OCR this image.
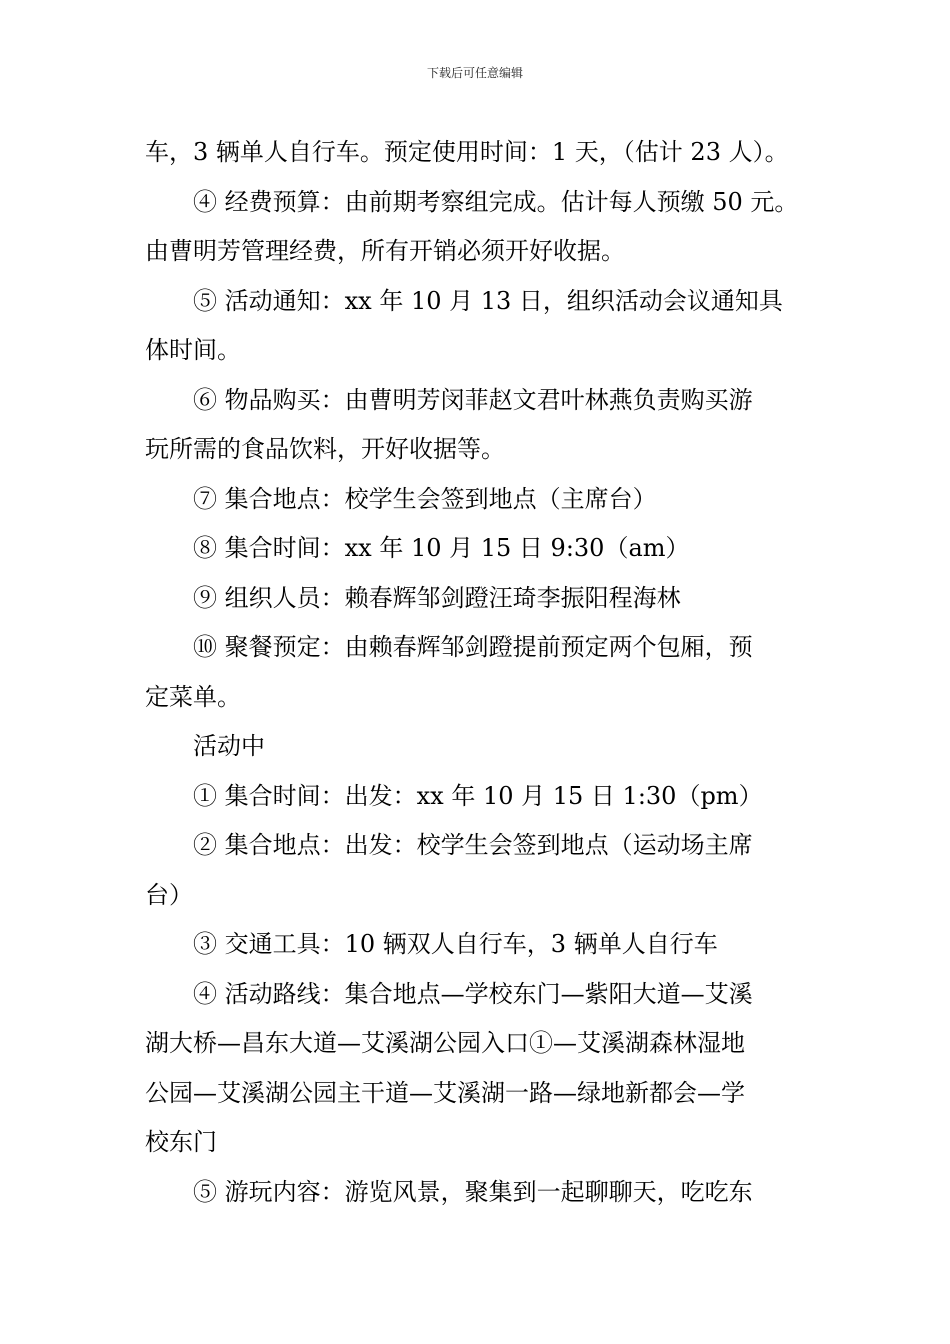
下载后可任意编辑
车，3 辆单人自行车。预定使用时间：1 天，（估计 23 人）。
④ 经费预算：由前期考察组完成。估计每人预缴 50 元。
由曹明芳管理经费，所有开销必须开好收据。
⑤ 活动通知：xx 年 10 月 13 日，组织活动会议通知具
体时间。
⑥ 物品购买：由曹明芳闵菲赵文君叶林燕负责购买游
玩所需的食品饮料，开好收据等。
⑦ 集合地点：校学生会签到地点（主席台）
⑧ 集合时间：xx 年 10 月 15 日 9:30（am）
⑨ 组织人员：赖春辉邹剑蹬汪琦李振阳程海林
⑩ 聚餐预定：由赖春辉邹剑蹬提前预定两个包厢，预
定菜单。
活动中
① 集合时间：出发：xx 年 10 月 15 日 1:30（pm）
② 集合地点：出发：校学生会签到地点（运动场主席
台）
③ 交通工具：10 辆双人自行车，3 辆单人自行车
④ 活动路线：集合地点—学校东门—紫阳大道—艾溪
湖大桥—昌东大道—艾溪湖公园入口①—艾溪湖森林湿地
公园—艾溪湖公园主干道—艾溪湖一路—绿地新都会—学
校东门
⑤ 游玩内容：游览风景，聚集到一起聊聊天，吃吃东
